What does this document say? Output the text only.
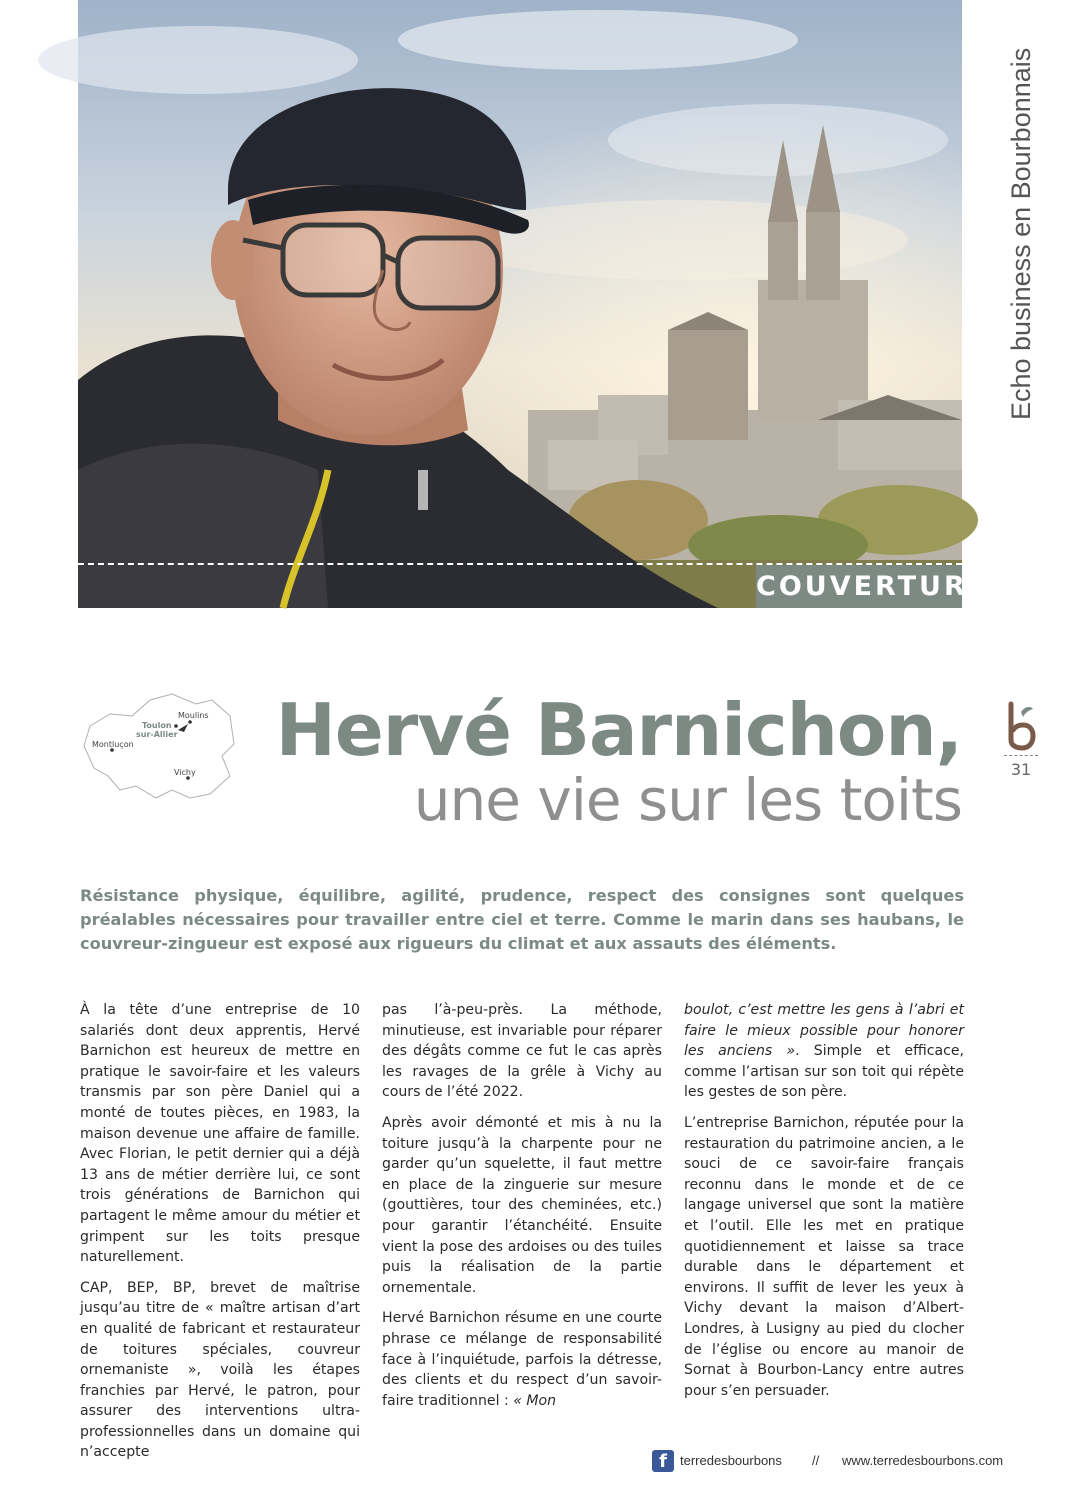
COUVERTURE
Echo business en Bourbonnais
31
Moulins
Toulon
sur-Allier
Montluçon
Vichy
Hervé Barnichon,
une vie sur les toits

Résistance physique, équilibre, agilité, prudence, respect des consignes sont quelques préalables nécessaires pour travailler entre ciel et terre. Comme le marin dans ses haubans, le couvreur-zingueur est exposé aux rigueurs du climat et aux assauts des éléments.

À la tête d’une entreprise de 10 salariés dont deux apprentis, Hervé Barnichon est heureux de mettre en pratique le savoir-faire et les valeurs transmis par son père Daniel qui a monté de toutes pièces, en 1983, la maison devenue une affaire de famille. Avec Florian, le petit dernier qui a déjà 13 ans de métier derrière lui, ce sont trois générations de Barnichon qui partagent le même amour du métier et grimpent sur les toits presque naturellement.

CAP, BEP, BP, brevet de maîtrise jusqu’au titre de « maître artisan d’art en qualité de fabricant et restaurateur de toitures spéciales, couvreur ornemaniste », voilà les étapes franchies par Hervé, le patron, pour assurer des interventions ultra-professionnelles dans un domaine qui n’accepte

pas l’à-peu-près. La méthode, minutieuse, est invariable pour réparer des dégâts comme ce fut le cas après les ravages de la grêle à Vichy au cours de l’été 2022.

Après avoir démonté et mis à nu la toiture jusqu’à la charpente pour ne garder qu’un squelette, il faut mettre en place de la zinguerie sur mesure (gouttières, tour des cheminées, etc.) pour garantir l’étanchéité. Ensuite vient la pose des ardoises ou des tuiles puis la réalisation de la partie ornementale.

Hervé Barnichon résume en une courte phrase ce mélange de responsabilité face à l’inquiétude, parfois la détresse, des clients et du respect d’un savoir-faire traditionnel : « Mon

boulot, c’est mettre les gens à l’abri et faire le mieux possible pour honorer les anciens ». Simple et efficace, comme l’artisan sur son toit qui répète les gestes de son père.

L’entreprise Barnichon, réputée pour la restauration du patrimoine ancien, a le souci de ce savoir-faire français reconnu dans le monde et de ce langage universel que sont la matière et l’outil. Elle les met en pratique quotidiennement et laisse sa trace durable dans le département et environs. Il suffit de lever les yeux à Vichy devant la maison d’Albert-Londres, à Lusigny au pied du clocher de l’église ou encore au manoir de Sornat à Bourbon-Lancy entre autres pour s’en persuader.

f	terredesbourbons // www.terredesbourbons.com
